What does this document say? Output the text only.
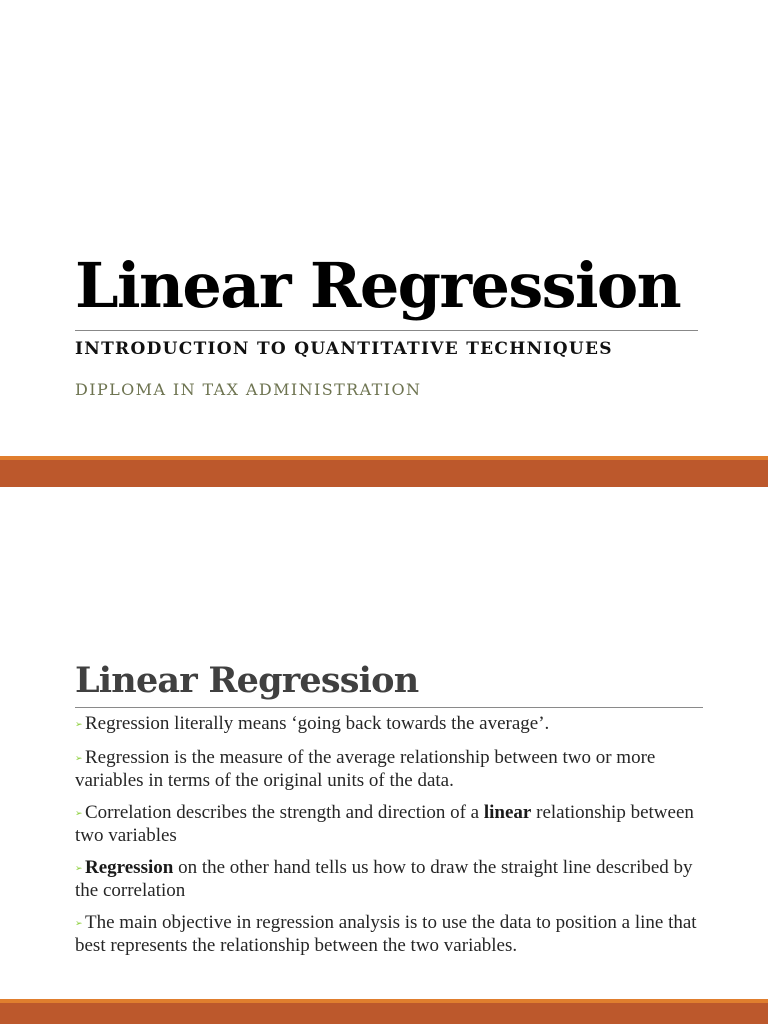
Linear Regression

INTRODUCTION TO QUANTITATIVE TECHNIQUES

DIPLOMA IN TAX ADMINISTRATION

Linear Regression
➢ Regression literally means ‘going back towards the average’.
➢ Regression is the measure of the average relationship between two or more variables in terms of the original units of the data.
➢ Correlation describes the strength and direction of a linear relationship between two variables
➢ Regression on the other hand tells us how to draw the straight line described by the correlation
➢ The main objective in regression analysis is to use the data to position a line that best represents the relationship between the two variables.
